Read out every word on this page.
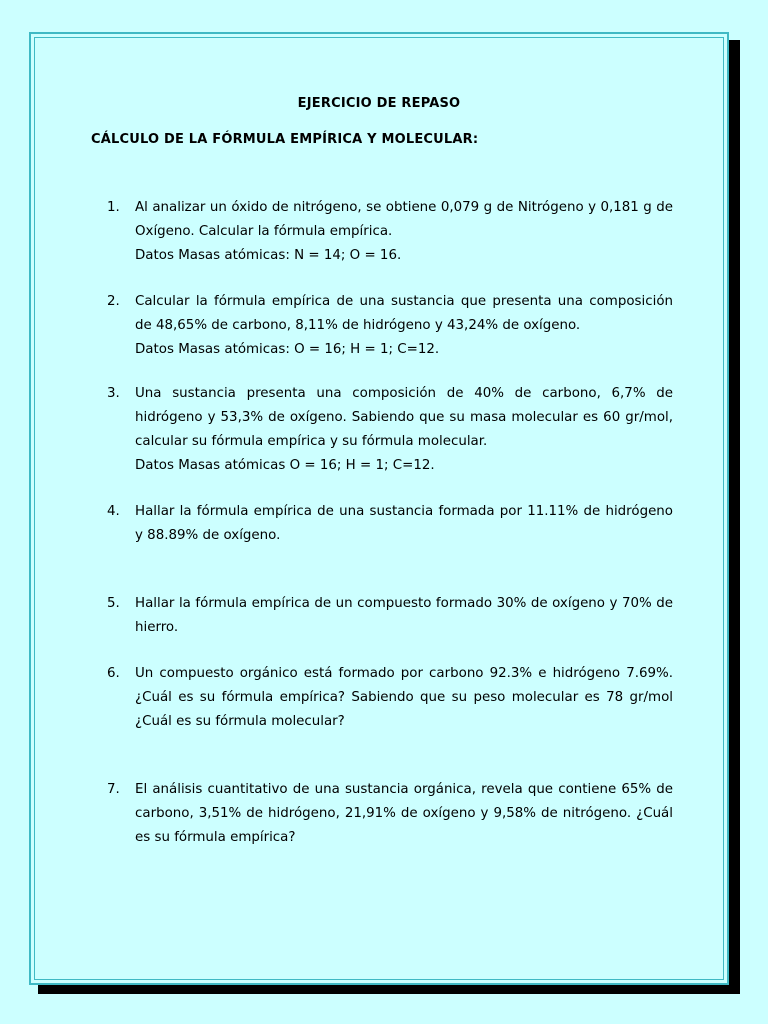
EJERCICIO DE REPASO
CÁLCULO DE LA FÓRMULA EMPÍRICA Y MOLECULAR:
1.	Al analizar un óxido de nitrógeno, se obtiene 0,079 g de Nitrógeno y 0,181 g de Oxígeno. Calcular la fórmula empírica.
Datos Masas atómicas: N = 14; O = 16.
2.	Calcular la fórmula empírica de una sustancia que presenta una composición de 48,65% de carbono, 8,11% de hidrógeno y 43,24% de oxígeno.
Datos Masas atómicas: O = 16; H = 1; C=12.
3.	Una sustancia presenta una composición de 40% de carbono, 6,7% de hidrógeno y 53,3% de oxígeno. Sabiendo que su masa molecular es 60 gr/mol, calcular su fórmula empírica y su fórmula molecular.
Datos Masas atómicas O = 16; H = 1; C=12.
4.	Hallar la fórmula empírica de una sustancia formada por 11.11% de hidrógeno y 88.89% de oxígeno.
5.	Hallar la fórmula empírica de un compuesto formado 30% de oxígeno y 70% de hierro.
6.	Un compuesto orgánico está formado por carbono 92.3% e hidrógeno 7.69%. ¿Cuál es su fórmula empírica? Sabiendo que su peso molecular es 78 gr/mol ¿Cuál es su fórmula molecular?
7.	El análisis cuantitativo de una sustancia orgánica, revela que contiene 65% de carbono, 3,51% de hidrógeno, 21,91% de oxígeno y 9,58% de nitrógeno. ¿Cuál es su fórmula empírica?
